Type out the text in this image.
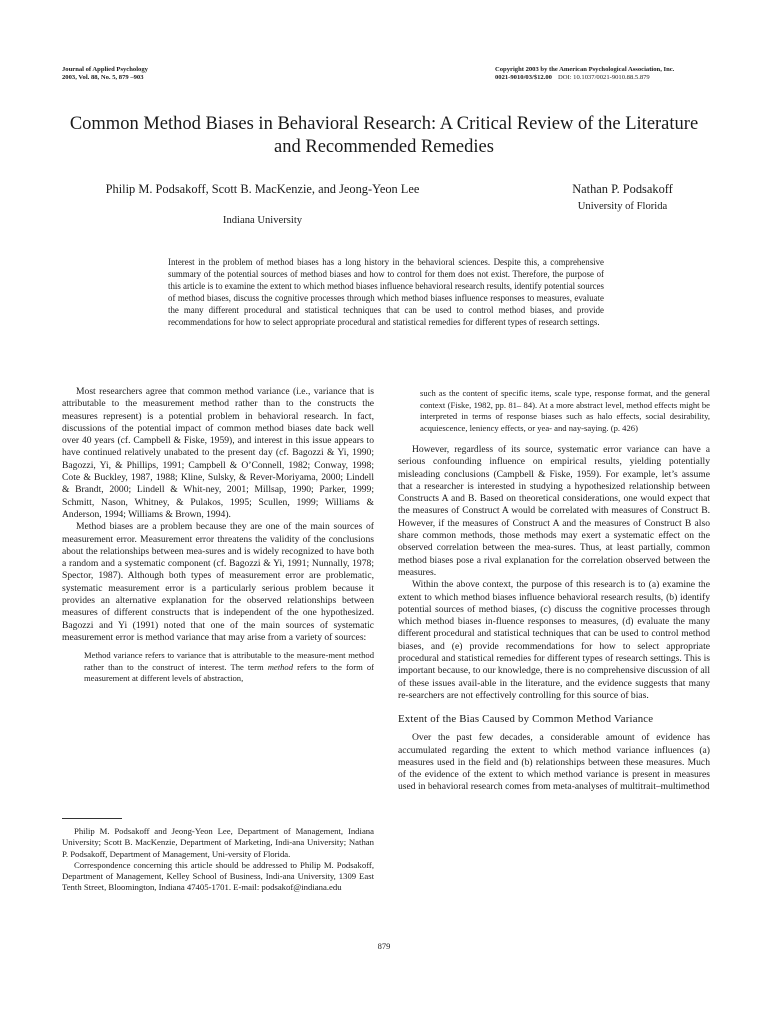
Journal of Applied Psychology
2003, Vol. 88, No. 5, 879 –903
Copyright 2003 by the American Psychological Association, Inc.
0021-9010/03/$12.00 DOI: 10.1037/0021-9010.88.5.879
Common Method Biases in Behavioral Research: A Critical Review of the Literature and Recommended Remedies
Philip M. Podsakoff, Scott B. MacKenzie, and Jeong-Yeon Lee
Indiana University
Nathan P. Podsakoff
University of Florida
Interest in the problem of method biases has a long history in the behavioral sciences. Despite this, a comprehensive summary of the potential sources of method biases and how to control for them does not exist. Therefore, the purpose of this article is to examine the extent to which method biases influence behavioral research results, identify potential sources of method biases, discuss the cognitive processes through which method biases influence responses to measures, evaluate the many different procedural and statistical techniques that can be used to control method biases, and provide recommendations for how to select appropriate procedural and statistical remedies for different types of research settings.

Most researchers agree that common method variance (i.e., variance that is attributable to the measurement method rather than to the constructs the measures represent) is a potential problem in behavioral research. In fact, discussions of the potential impact of common method biases date back well over 40 years (cf. Campbell & Fiske, 1959), and interest in this issue appears to have continued relatively unabated to the present day (cf. Bagozzi & Yi, 1990; Bagozzi, Yi, & Phillips, 1991; Campbell & O’Connell, 1982; Conway, 1998; Cote & Buckley, 1987, 1988; Kline, Sulsky, & Rever-Moriyama, 2000; Lindell & Brandt, 2000; Lindell & Whit-ney, 2001; Millsap, 1990; Parker, 1999; Schmitt, Nason, Whitney, & Pulakos, 1995; Scullen, 1999; Williams & Anderson, 1994; Williams & Brown, 1994).

Method biases are a problem because they are one of the main sources of measurement error. Measurement error threatens the validity of the conclusions about the relationships between mea-sures and is widely recognized to have both a random and a systematic component (cf. Bagozzi & Yi, 1991; Nunnally, 1978; Spector, 1987). Although both types of measurement error are problematic, systematic measurement error is a particularly serious problem because it provides an alternative explanation for the observed relationships between measures of different constructs that is independent of the one hypothesized. Bagozzi and Yi (1991) noted that one of the main sources of systematic measurement error is method variance that may arise from a variety of sources:

Method variance refers to variance that is attributable to the measure-ment method rather than to the construct of interest. The term method refers to the form of measurement at different levels of abstraction,

such as the content of specific items, scale type, response format, and the general context (Fiske, 1982, pp. 81– 84). At a more abstract level, method effects might be interpreted in terms of response biases such as halo effects, social desirability, acquiescence, leniency effects, or yea- and nay-saying. (p. 426)

However, regardless of its source, systematic error variance can have a serious confounding influence on empirical results, yielding potentially misleading conclusions (Campbell & Fiske, 1959). For example, let’s assume that a researcher is interested in studying a hypothesized relationship between Constructs A and B. Based on theoretical considerations, one would expect that the measures of Construct A would be correlated with measures of Construct B. However, if the measures of Construct A and the measures of Construct B also share common methods, those methods may exert a systematic effect on the observed correlation between the mea-sures. Thus, at least partially, common method biases pose a rival explanation for the correlation observed between the measures.

Within the above context, the purpose of this research is to (a) examine the extent to which method biases influence behavioral research results, (b) identify potential sources of method biases, (c) discuss the cognitive processes through which method biases in-fluence responses to measures, (d) evaluate the many different procedural and statistical techniques that can be used to control method biases, and (e) provide recommendations for how to select appropriate procedural and statistical remedies for different types of research settings. This is important because, to our knowledge, there is no comprehensive discussion of all of these issues avail-able in the literature, and the evidence suggests that many re-searchers are not effectively controlling for this source of bias.

Extent of the Bias Caused by Common Method Variance

Over the past few decades, a considerable amount of evidence has accumulated regarding the extent to which method variance influences (a) measures used in the field and (b) relationships between these measures. Much of the evidence of the extent to which method variance is present in measures used in behavioral research comes from meta-analyses of multitrait–multimethod

Philip M. Podsakoff and Jeong-Yeon Lee, Department of Management, Indiana University; Scott B. MacKenzie, Department of Marketing, Indi-ana University; Nathan P. Podsakoff, Department of Management, Uni-versity of Florida.

Correspondence concerning this article should be addressed to Philip M. Podsakoff, Department of Management, Kelley School of Business, Indi-ana University, 1309 East Tenth Street, Bloomington, Indiana 47405-1701. E-mail: podsakof@indiana.edu

879
